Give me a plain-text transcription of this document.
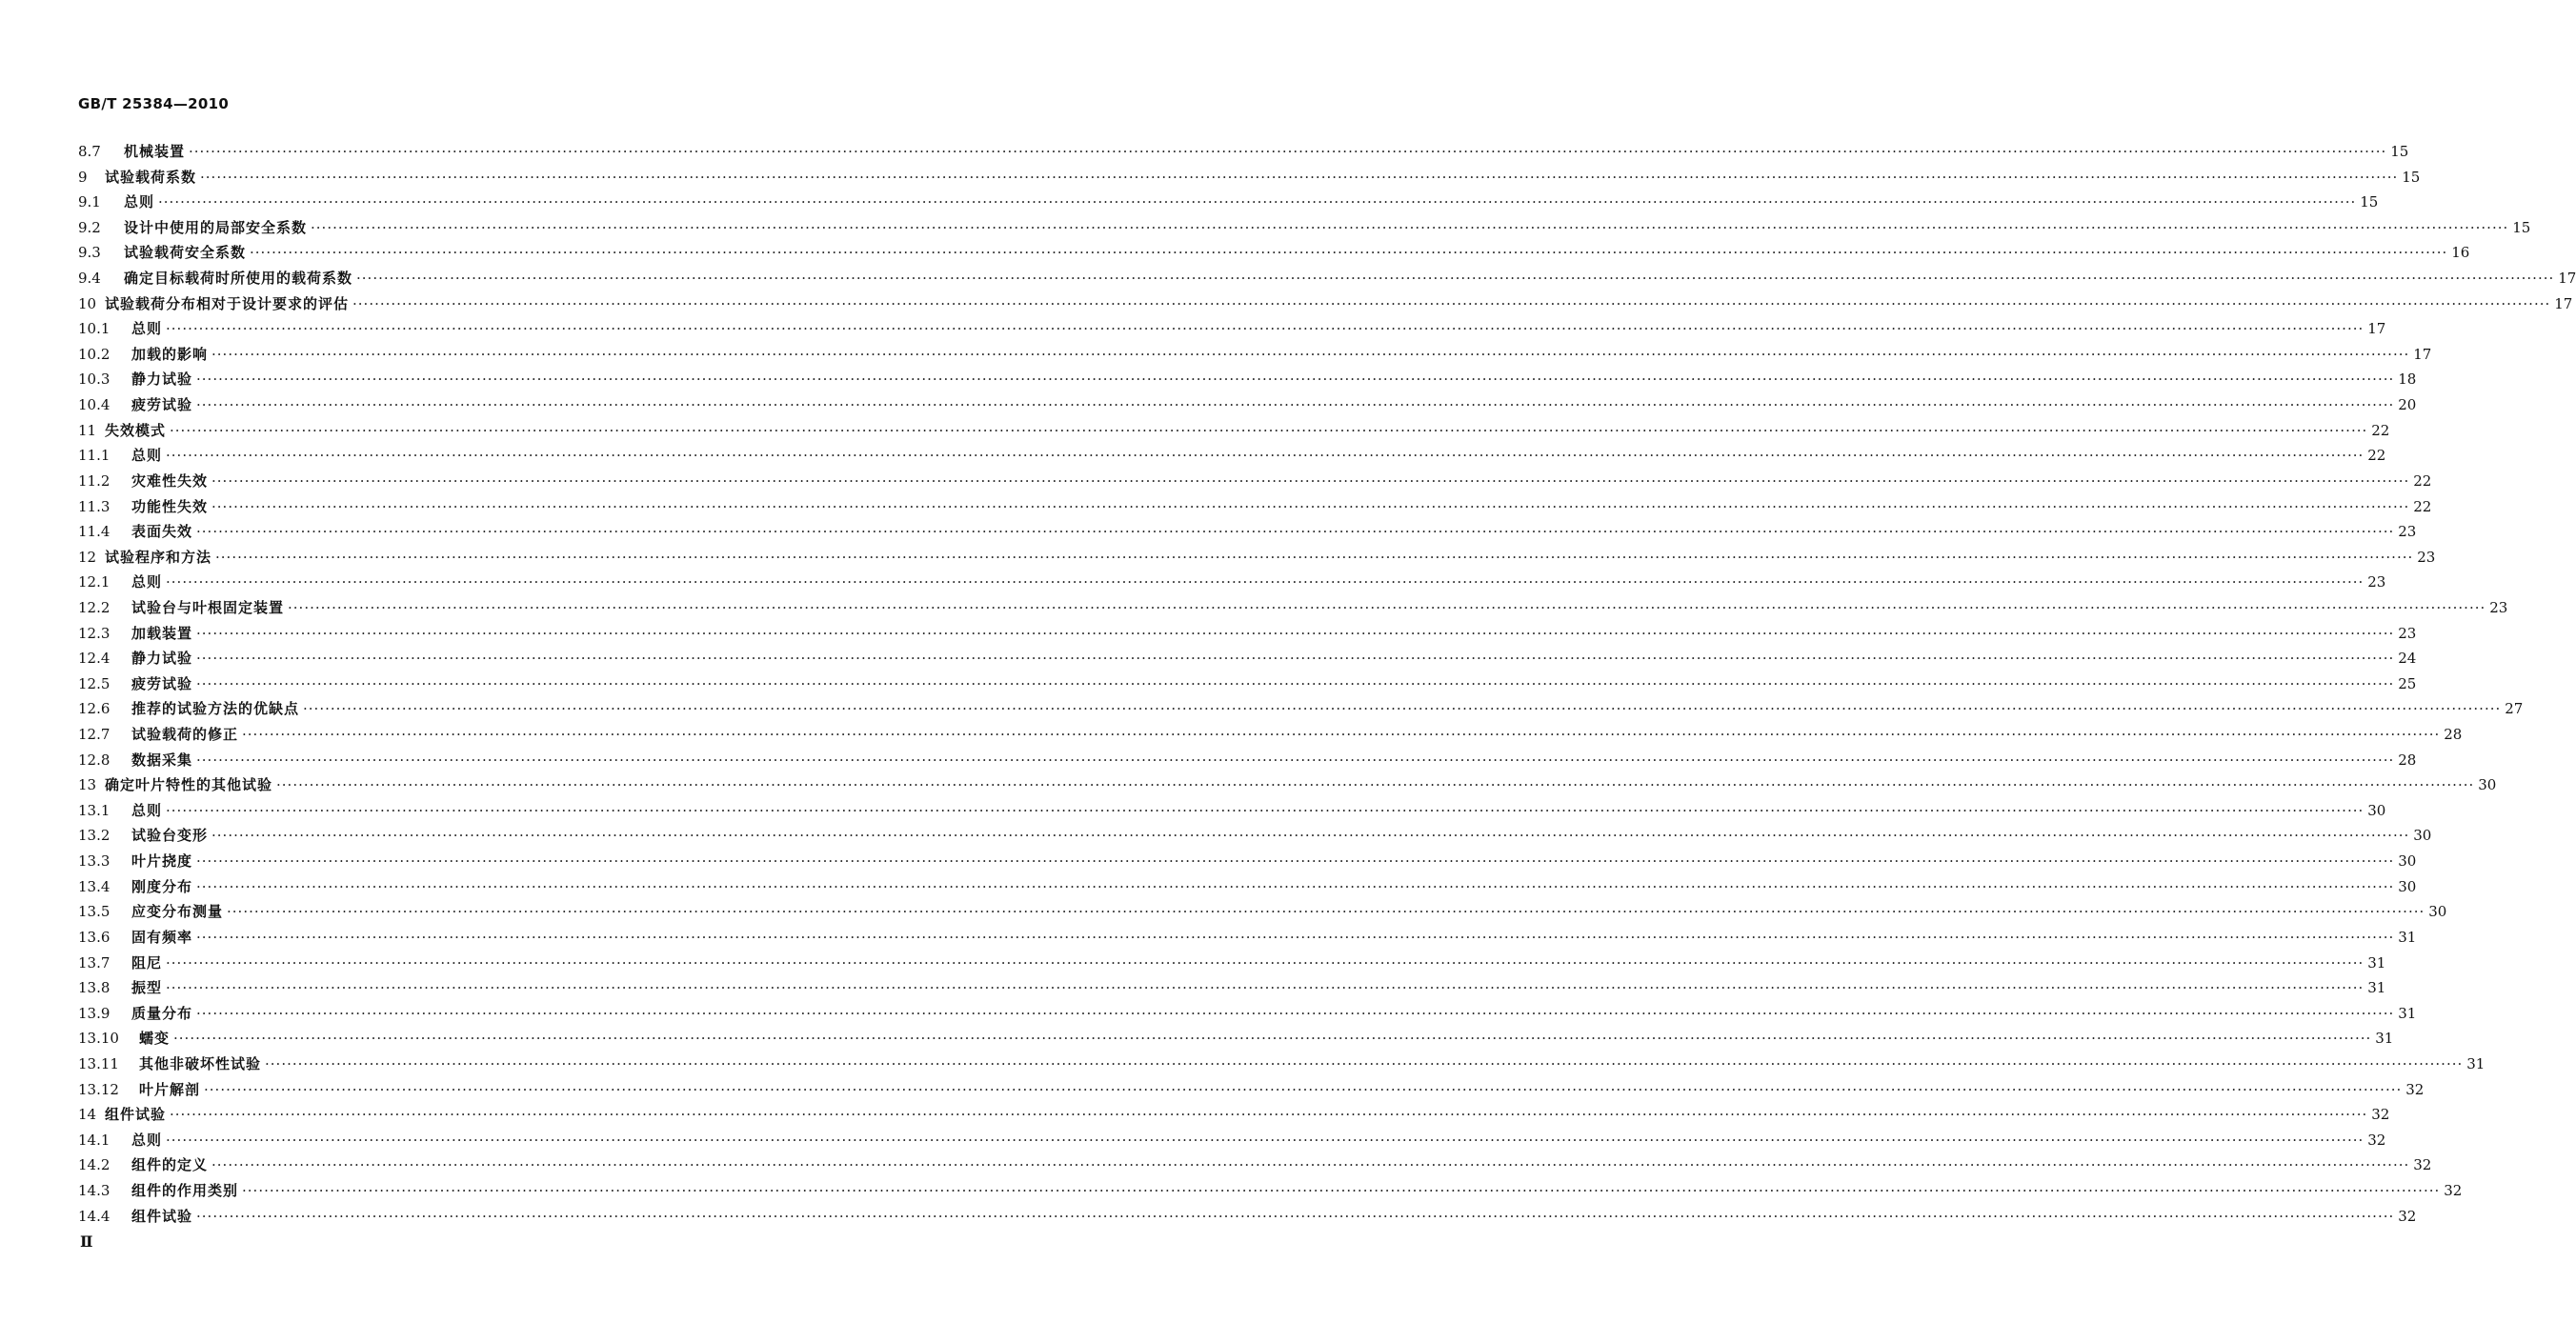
GB/T 25384—2010
8.7	机械装置 ················································································································································································································································································································································································································ 15
9	试验载荷系数 ················································································································································································································································································································································································································ 15
9.1	总则 ················································································································································································································································································································································································································ 15
9.2	设计中使用的局部安全系数 ················································································································································································································································································································································································································ 15
9.3	试验载荷安全系数 ················································································································································································································································································································································································································ 16
9.4	确定目标载荷时所使用的载荷系数 ················································································································································································································································································································································································································ 17
10 试验载荷分布相对于设计要求的评估 ················································································································································································································································································································································································································ 17
10.1	总则 ················································································································································································································································································································································································································ 17
10.2	加载的影响 ················································································································································································································································································································································································································ 17
10.3	静力试验 ················································································································································································································································································································································································································ 18
10.4	疲劳试验 ················································································································································································································································································································································································································ 20
11 失效模式 ················································································································································································································································································································································································································ 22
11.1	总则 ················································································································································································································································································································································································································ 22
11.2	灾难性失效 ················································································································································································································································································································································································································ 22
11.3	功能性失效 ················································································································································································································································································································································································································ 22
11.4	表面失效 ················································································································································································································································································································································································································ 23
12 试验程序和方法 ················································································································································································································································································································································································································ 23
12.1	总则 ················································································································································································································································································································································································································ 23
12.2	试验台与叶根固定装置 ················································································································································································································································································································································································································ 23
12.3	加载装置 ················································································································································································································································································································································································································ 23
12.4	静力试验 ················································································································································································································································································································································································································ 24
12.5	疲劳试验 ················································································································································································································································································································································································································ 25
12.6	推荐的试验方法的优缺点 ················································································································································································································································································································································································································ 27
12.7	试验载荷的修正 ················································································································································································································································································································································································································ 28
12.8	数据采集 ················································································································································································································································································································································································································ 28
13 确定叶片特性的其他试验 ················································································································································································································································································································································································································ 30
13.1	总则 ················································································································································································································································································································································································································ 30
13.2	试验台变形 ················································································································································································································································································································································································································ 30
13.3	叶片挠度 ················································································································································································································································································································································································································ 30
13.4	刚度分布 ················································································································································································································································································································································································································ 30
13.5	应变分布测量 ················································································································································································································································································································································································································ 30
13.6	固有频率 ················································································································································································································································································································································································································ 31
13.7	阻尼 ················································································································································································································································································································································································································ 31
13.8	振型 ················································································································································································································································································································································································································ 31
13.9	质量分布 ················································································································································································································································································································································································································ 31
13.10	蠕变 ················································································································································································································································································································································································································ 31
13.11	其他非破坏性试验 ················································································································································································································································································································································································································ 31
13.12	叶片解剖 ················································································································································································································································································································································································································ 32
14 组件试验 ················································································································································································································································································································································································································ 32
14.1	总则 ················································································································································································································································································································································································································ 32
14.2	组件的定义 ················································································································································································································································································································································································································ 32
14.3	组件的作用类别 ················································································································································································································································································································································································································ 32
14.4	组件试验 ················································································································································································································································································································································································································ 32
Ⅱ
